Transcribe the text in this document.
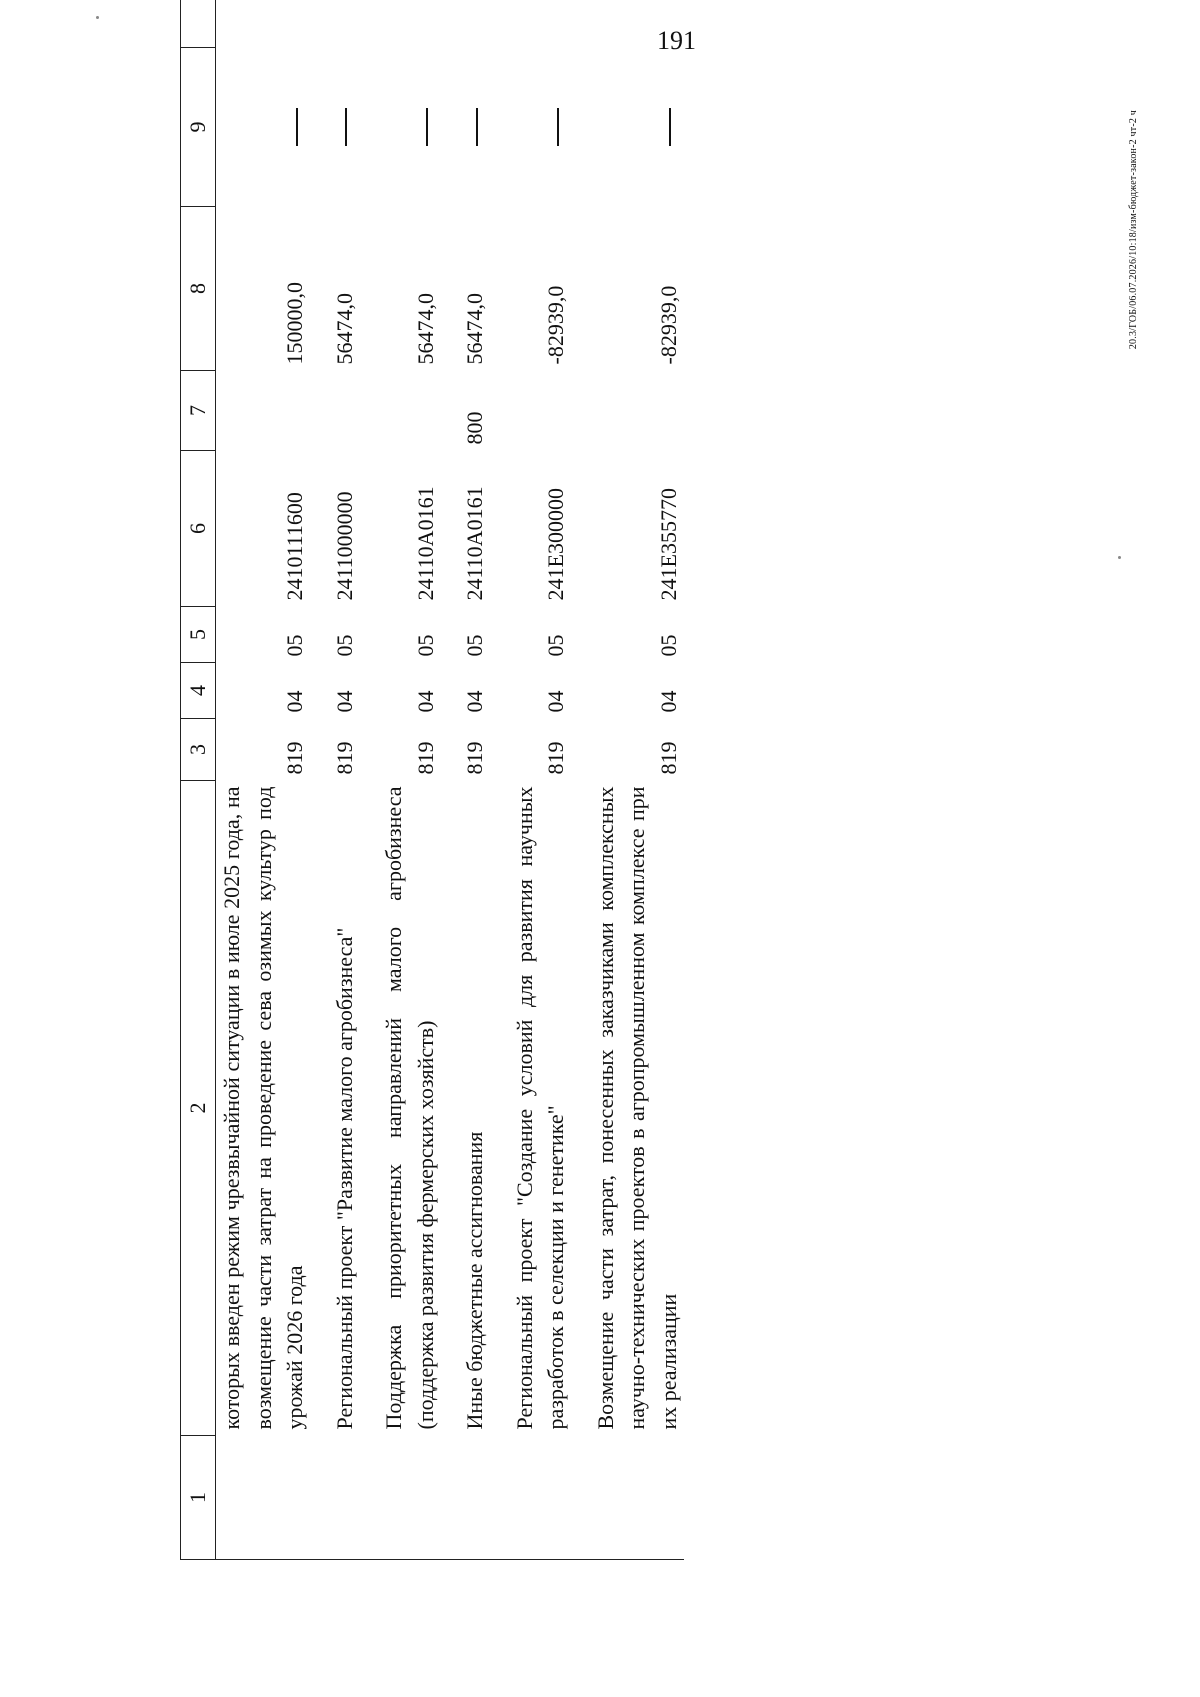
191
20.3/ГОБ/06.07.2026/10:18/изм-бюджет-закон-2 чт-2 ч
1	2	3	4	5	6	7	8	9	
	которых введен режим чрезвычайной ситуации в июле 2025 года, на возмещение части затрат на проведение сева озимых культур под урожай 2026 года	819	04	05	2410111600		150000,0		

	Региональный проект "Развитие малого агробизнеса"	819	04	05	2411000000		56474,0		

	Поддержка приоритетных направлений малого агробизнеса (поддержка развития фермерских хозяйств)	819	04	05	24110A0161		56474,0		

	Иные бюджетные ассигнования	819	04	05	24110A0161	800	56474,0		

	Региональный проект "Создание условий для развития научных разработок в селекции и генетике"	819	04	05	241E300000		-82939,0		

	Возмещение части затрат, понесенных заказчиками комплексных научно-технических проектов в агропромышленном комплексе при их реализации	819	04	05	241E355770		-82939,0		
